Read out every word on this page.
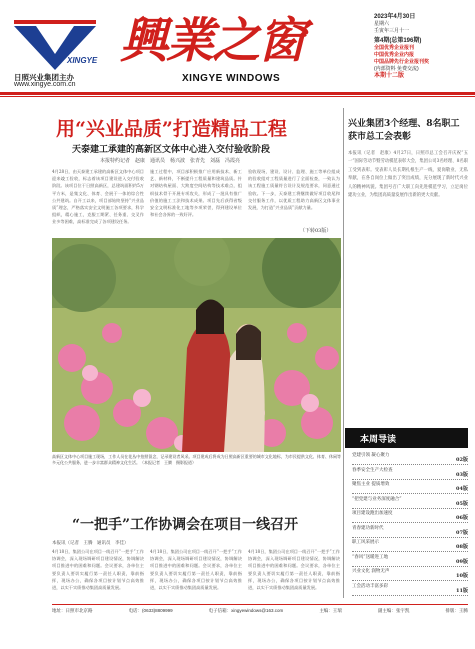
XINGYE
日照兴业集团主办
www.xingye.com.cn
興業之窗
XINGYE WINDOWS
2023年4月30日
星期六
壬寅年三月十一
第4期(总第196期)
全国优秀企业报刊
中国优秀企业内报
中国品牌先行企业报刊奖
(内部资料 免费交流)
本期十二版
用“兴业品质”打造精品工程
天泰建工承建的高新区文体中心进入交付验收阶段
本报特约记者　赵康　通讯员　杨兴波　张青先　刘磊　冯霞亮
4月28日，由天泰建工承建的高新区文体中心项目迎来竣工验收，标志着该项目建设进入交付验收阶段。该项目位于日照高新区，总建筑面积约5万平方米，是集文化、体育、会展于一体的综合性公共建筑。自开工以来，项目部始终坚持“兴业品质”理念，严格落实安全文明施工各项要求，科学组织，精心施工，克服工期紧、任务重、交叉作业多等困难，高标准完成了各项建设任务。
施工过程中，项目部积极推广应用新技术、新工艺、新材料，不断提升工程质量和建筑品质。针对钢结构屋面、大跨度空间结构等技术难点，组织技术骨干开展专项攻关，形成了一批具有推广价值的施工工法和技术成果。项目先后获得省级安全文明标准化工地等多项荣誉，得到建设单位和社会各界的一致好评。
验收现场，建设、设计、监理、施工等单位组成的验收组对工程质量进行了全面检查，一致认为该工程施工质量符合设计及规范要求，同意通过验收。下一步，天泰建工将继续做好项目收尾和交付服务工作，以优质工程助力高新区文体事业发展，为打造“兴业品质”贡献力量。
（下转03版）
高新区文体中心项目施工现场，工作人员在花丛中拍照留念，记录建设者风采。项目建成后将成为日照高新区重要的城市文化地标，为市民提供文化、体育、休闲等多元化公共服务，进一步丰富群众精神文化生活。（本报记者　王腾　摄影报道）
“一把手”工作协调会在项目一线召开
本报讯（记者　王腾　通讯员　李佳）
4月18日，集团公司在项目一线召开“一把手”工作协调会，深入现场调研项目建设情况，协调解决项目推进中的困难和问题。会议要求，各单位主要负责人要切实履行第一责任人职责，靠前指挥，现场办公，确保各项目按计划节点高效推进，以实干实绩推动集团高质量发展。
4月18日，集团公司在项目一线召开“一把手”工作协调会，深入现场调研项目建设情况，协调解决项目推进中的困难和问题。会议要求，各单位主要负责人要切实履行第一责任人职责，靠前指挥，现场办公，确保各项目按计划节点高效推进，以实干实绩推动集团高质量发展。
4月18日，集团公司在项目一线召开“一把手”工作协调会，深入现场调研项目建设情况，协调解决项目推进中的困难和问题。会议要求，各单位主要负责人要切实履行第一责任人职责，靠前指挥，现场办公，确保各项目按计划节点高效推进，以实干实绩推动集团高质量发展。
兴业集团3个经理、8名职工获市总工会表彰
本报讯（记者　赵康）4月27日，日照市总工会召开庆祝“五一”国际劳动节暨劳动模范表彰大会，集团公司3名经理、8名职工受到表彰。受表彰人员长期扎根生产一线，爱岗敬业、无私奉献，在各自岗位上做出了突出成绩，充分展现了新时代兴业人的精神风貌。集团号召广大职工向先进模范学习，立足岗位建功立业，为集团高质量发展作出新的更大贡献。
本周导读
党建引领 凝心聚力
02版
春季安全生产大检查
03版
聚焦主业 提质增效
04版
“把党建与业务深度融合”
05版
项目建设跑出加速度
06版
青春建功新时代
07版
职工风采展示
08版
“春风”送暖进工地
09版
兴业文化 润物无声
10版
工会活动丰富多彩
11版
地址：日照市北京路	电话：(0633)8809999	电子信箱：xingyewindows@163.com	主编：王瑞	副主编：张宇凯	排版：王腾
